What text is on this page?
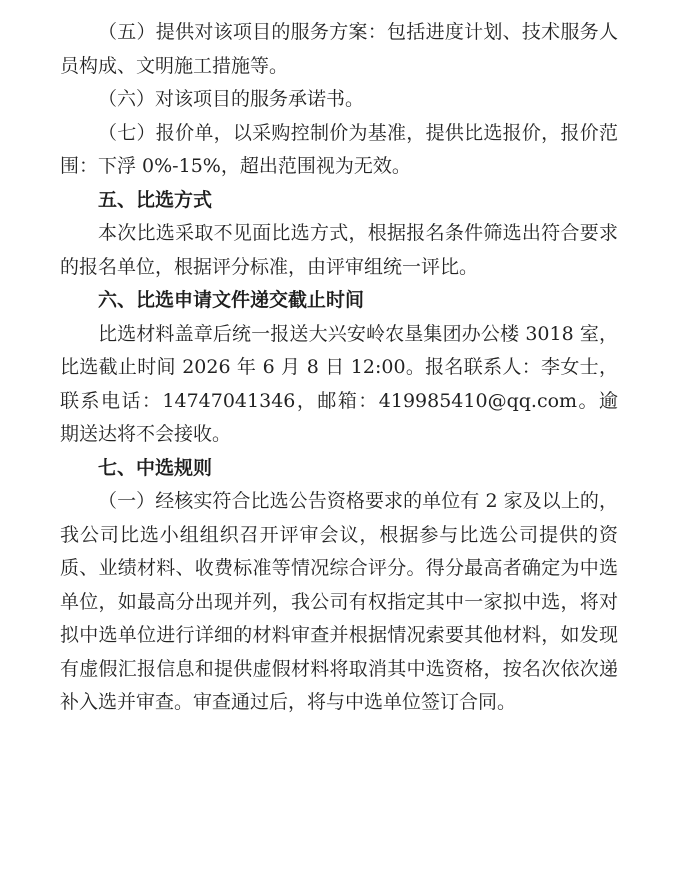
（五）提供对该项目的服务方案：包括进度计划、技术服务人员构成、文明施工措施等。

（六）对该项目的服务承诺书。

（七）报价单，以采购控制价为基准，提供比选报价，报价范围：下浮 0%-15%，超出范围视为无效。

五、比选方式

本次比选采取不见面比选方式，根据报名条件筛选出符合要求的报名单位，根据评分标准，由评审组统一评比。

六、比选申请文件递交截止时间

比选材料盖章后统一报送大兴安岭农垦集团办公楼 3018 室，比选截止时间 2026 年 6 月 8 日 12:00。报名联系人：李女士，联系电话：14747041346，邮箱：419985410@qq.com。逾期送达将不会接收。

七、中选规则

（一）经核实符合比选公告资格要求的单位有 2 家及以上的，我公司比选小组组织召开评审会议，根据参与比选公司提供的资质、业绩材料、收费标准等情况综合评分。得分最高者确定为中选单位，如最高分出现并列，我公司有权指定其中一家拟中选，将对拟中选单位进行详细的材料审查并根据情况索要其他材料，如发现有虚假汇报信息和提供虚假材料将取消其中选资格，按名次依次递补入选并审查。审查通过后，将与中选单位签订合同。
